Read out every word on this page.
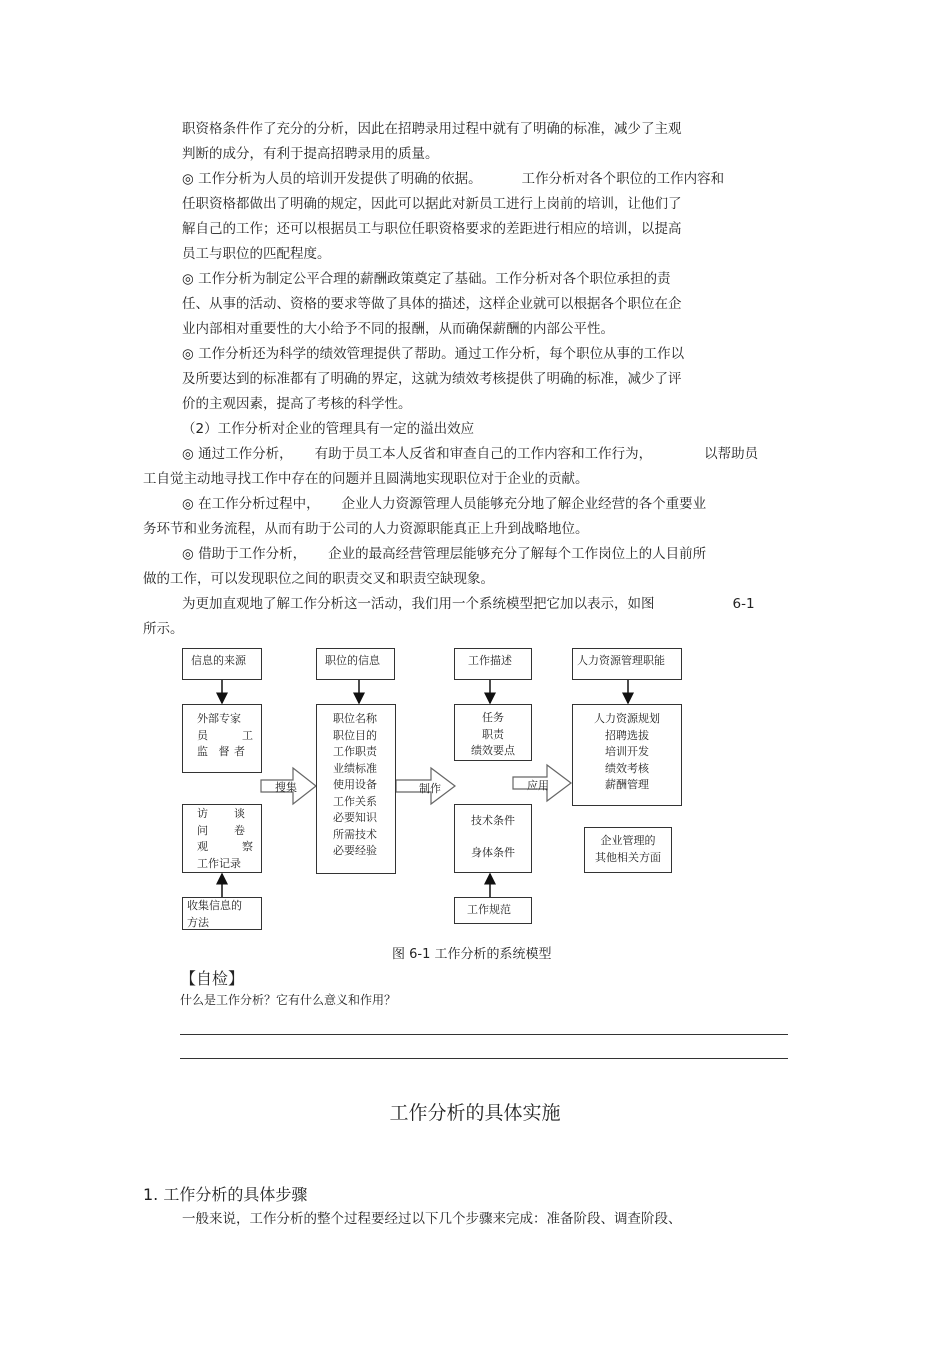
职资格条件作了充分的分析，因此在招聘录用过程中就有了明确的标准，减少了主观
判断的成分，有利于提高招聘录用的质量。
◎ 工作分析为人员的培训开发提供了明确的依据。	工作分析对各个职位的工作内容和
任职资格都做出了明确的规定，因此可以据此对新员工进行上岗前的培训，让他们了
解自己的工作；还可以根据员工与职位任职资格要求的差距进行相应的培训，以提高
员工与职位的匹配程度。
◎ 工作分析为制定公平合理的薪酬政策奠定了基础。工作分析对各个职位承担的责
任、从事的活动、资格的要求等做了具体的描述，这样企业就可以根据各个职位在企
业内部相对重要性的大小给予不同的报酬，从而确保薪酬的内部公平性。
◎ 工作分析还为科学的绩效管理提供了帮助。通过工作分析，每个职位从事的工作以
及所要达到的标准都有了明确的界定，这就为绩效考核提供了明确的标准，减少了评
价的主观因素，提高了考核的科学性。
（2）工作分析对企业的管理具有一定的溢出效应
◎ 通过工作分析， 有助于员工本人反省和审查自己的工作内容和工作行为，	以帮助员
工自觉主动地寻找工作中存在的问题并且圆满地实现职位对于企业的贡献。
◎ 在工作分析过程中， 企业人力资源管理人员能够充分地了解企业经营的各个重要业
务环节和业务流程，从而有助于公司的人力资源职能真正上升到战略地位。
◎ 借助于工作分析， 企业的最高经营管理层能够充分了解每个工作岗位上的人目前所
做的工作，可以发现职位之间的职责交叉和职责空缺现象。
为更加直观地了解工作分析这一活动，我们用一个系统模型把它加以表示，如图	6-1
所示。
信息的来源
外部专家
员	工
监 督 者
访 谈
问 卷
观	察
工作记录
收集信息的
方法
职位的信息
职位名称
职位目的
工作职责
业绩标准
使用设备
工作关系
必要知识
所需技术
必要经验
工作描述
任务
职责
绩效要点
技术条件
身体条件
工作规范
人力资源管理职能
人力资源规划
招聘选拔
培训开发
绩效考核
薪酬管理
企业管理的
其他相关方面
搜集	制作	应用
图 6-1 工作分析的系统模型
【自检】
什么是工作分析？它有什么意义和作用？
工作分析的具体实施
1. 工作分析的具体步骤
一般来说，工作分析的整个过程要经过以下几个步骤来完成：准备阶段、调查阶段、
